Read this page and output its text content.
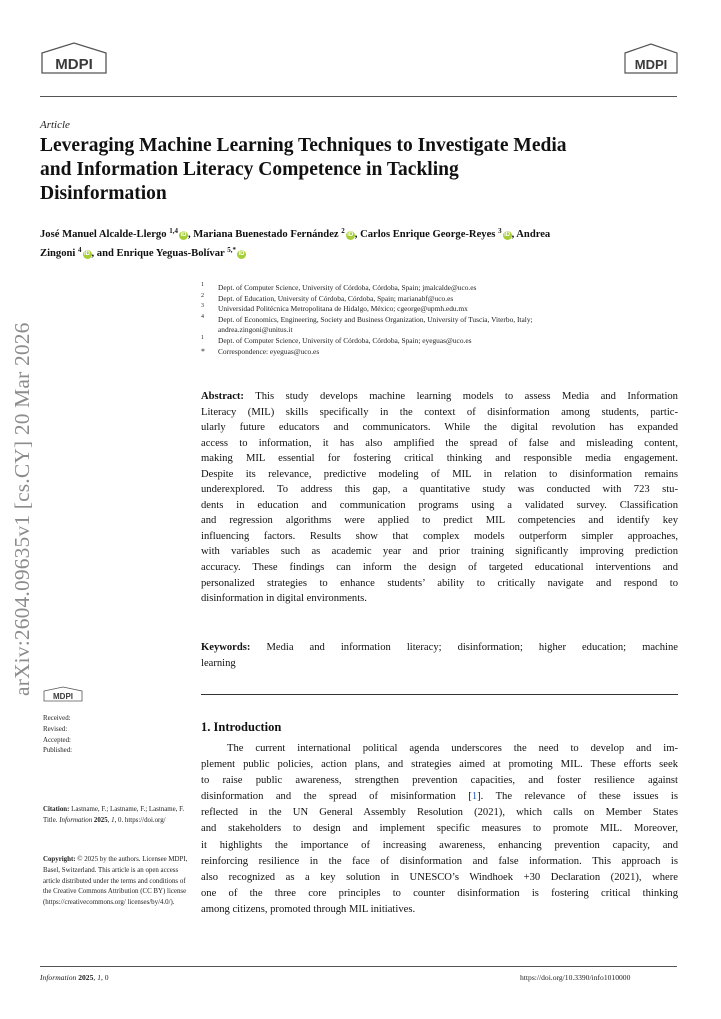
MDPI	MDPI
Article
Leveraging Machine Learning Techniques to Investigate Media
and Information Literacy Competence in Tackling
Disinformation
José Manuel Alcalde-Llergo $^{1,4}$ iD , Mariana Buenestado Fernández $^2$ iD , Carlos Enrique George-Reyes $^3$ iD , Andrea
Zingoni $^4$ iD , and Enrique Yeguas-Bolívar $^{5,*}$ iD
1 Dept. of Computer Science, University of Córdoba, Córdoba, Spain; jmalcalde@uco.es
2 Dept. of Education, University of Córdoba, Córdoba, Spain; marianabf@uco.es
3 Universidad Politécnica Metropolitana de Hidalgo, México; cgeorge@upmh.edu.mx
4 Dept. of Economics, Engineering, Society and Business Organization, University of Tuscia, Viterbo, Italy;
andrea.zingoni@unitus.it
1 Dept. of Computer Science, University of Córdoba, Córdoba, Spain; eyeguas@uco.es
* Correspondence: eyeguas@uco.es
Abstract: This study develops machine learning models to assess Media and Information
Literacy (MIL) skills specifically in the context of disinformation among students, partic-
ularly future educators and communicators. While the digital revolution has expanded
access to information, it has also amplified the spread of false and misleading content,
making MIL essential for fostering critical thinking and responsible media engagement.
Despite its relevance, predictive modeling of MIL in relation to disinformation remains
underexplored. To address this gap, a quantitative study was conducted with 723 stu-
dents in education and communication programs using a validated survey. Classification
and regression algorithms were applied to predict MIL competencies and identify key
influencing factors. Results show that complex models outperform simpler approaches,
with variables such as academic year and prior training significantly improving prediction
accuracy. These findings can inform the design of targeted educational interventions and
personalized strategies to enhance students’ ability to critically navigate and respond to
disinformation in digital environments.
Keywords: Media and information literacy; disinformation; higher education; machine
learning
1. Introduction
The current international political agenda underscores the need to develop and im-
plement public policies, action plans, and strategies aimed at promoting MIL. These efforts seek
to raise public awareness, strengthen prevention capacities, and foster resilience against
disinformation and the spread of misinformation [1]. The relevance of these issues is
reflected in the UN General Assembly Resolution (2021), which calls on Member States
and stakeholders to design and implement specific measures to promote MIL. Moreover,
it highlights the importance of increasing awareness, enhancing prevention capacity, and
reinforcing resilience in the face of disinformation and false information. This approach is
also recognized as a key solution in UNESCO’s Windhoek +30 Declaration (2021), where
one of the three core principles to counter disinformation is fostering critical thinking
among citizens, promoted through MIL initiatives.
arXiv:2604.09635v1 [cs.CY] 20 Mar 2026
MDPI
Received:
Revised:
Accepted:
Published:
Citation: Lastname, F.; Lastname, F.; Lastname, F. Title. Information 2025, 1, 0. https://doi.org/
Copyright: © 2025 by the authors. Licensee MDPI, Basel, Switzerland. This article is an open access article distributed under the terms and conditions of the Creative Commons Attribution (CC BY) license (https://creativecommons.org/ licenses/by/4.0/).
Information 2025, 1, 0	https://doi.org/10.3390/info1010000
